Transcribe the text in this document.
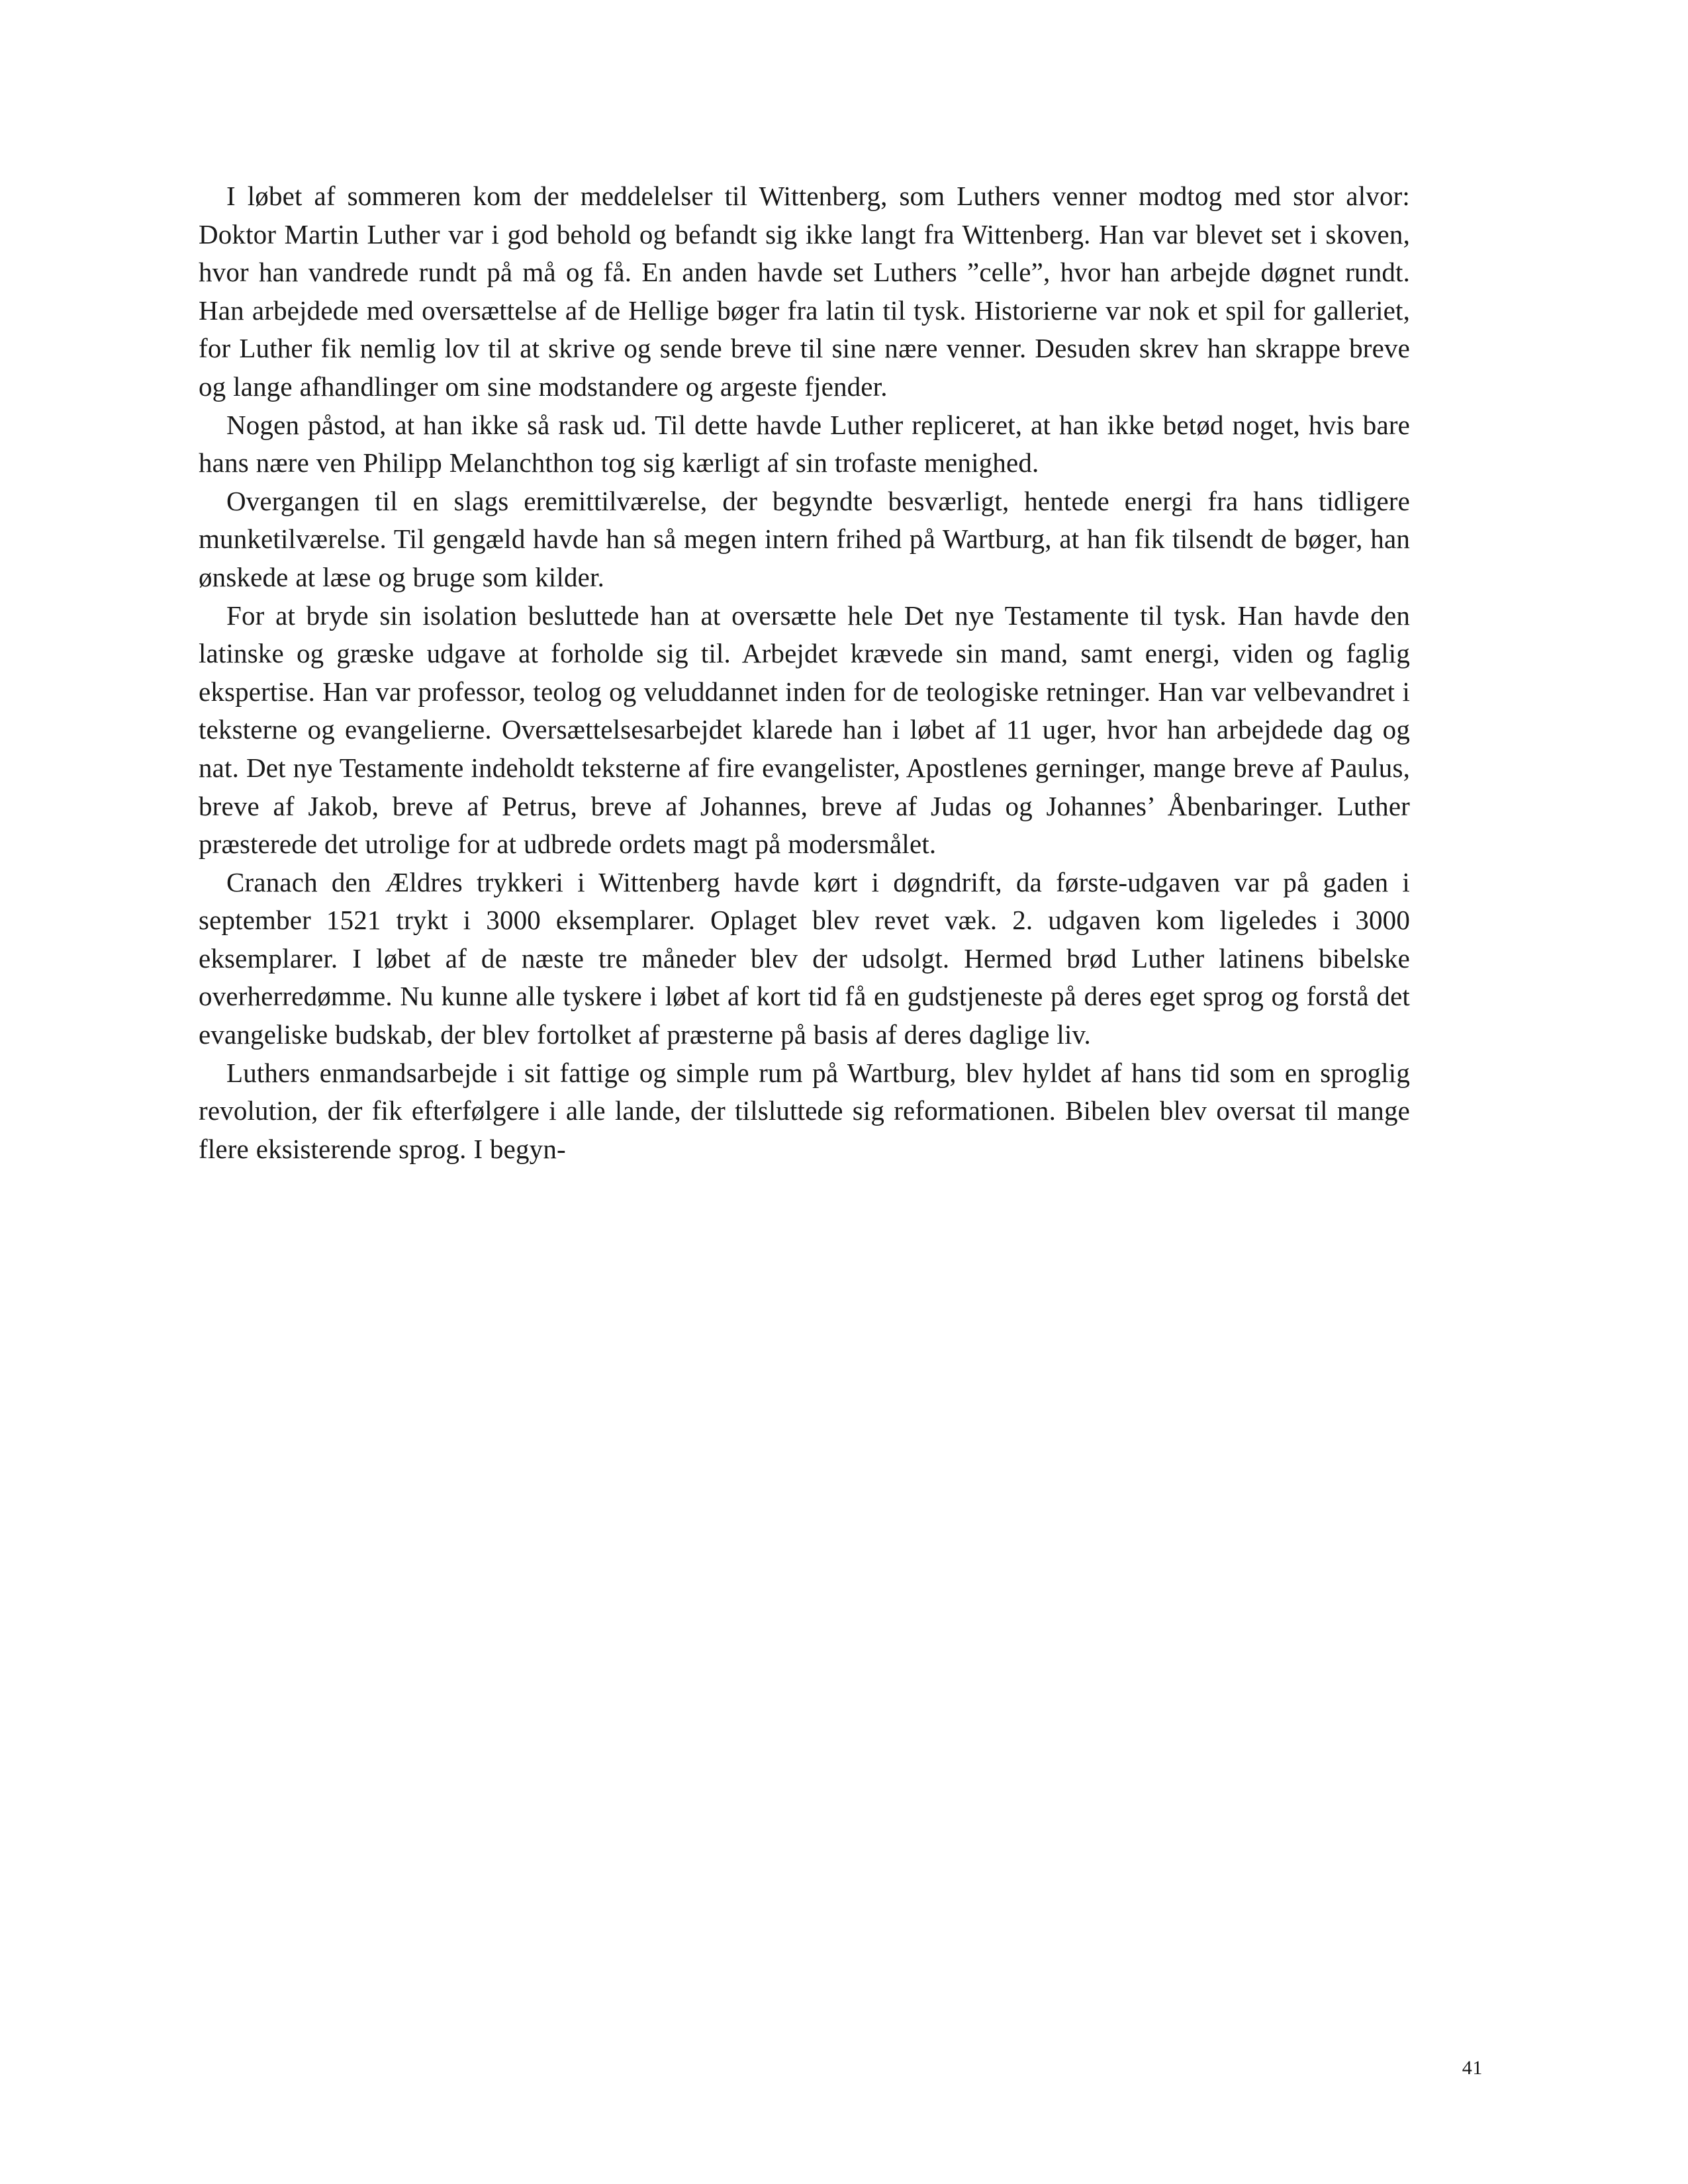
I løbet af sommeren kom der meddelelser til Wittenberg, som Luthers venner modtog med stor alvor: Doktor Martin Luther var i god behold og befandt sig ikke langt fra Wittenberg. Han var blevet set i skoven, hvor han vandrede rundt på må og få. En anden havde set Luthers ”celle”, hvor han arbejde døgnet rundt. Han arbejdede med oversættelse af de Hellige bøger fra latin til tysk. Historierne var nok et spil for galleriet, for Luther fik nemlig lov til at skrive og sende breve til sine nære venner. Desuden skrev han skrappe breve og lange afhandlinger om sine modstandere og argeste fjender.

Nogen påstod, at han ikke så rask ud. Til dette havde Luther repliceret, at han ikke betød noget, hvis bare hans nære ven Philipp Melanchthon tog sig kærligt af sin trofaste menighed.

Overgangen til en slags eremittilværelse, der begyndte besværligt, hentede energi fra hans tidligere munketilværelse. Til gengæld havde han så megen intern frihed på Wartburg, at han fik tilsendt de bøger, han ønskede at læse og bruge som kilder.

For at bryde sin isolation besluttede han at oversætte hele Det nye Testamente til tysk. Han havde den latinske og græske udgave at forholde sig til. Arbejdet krævede sin mand, samt energi, viden og faglig ekspertise. Han var professor, teolog og veluddannet inden for de teologiske retninger. Han var velbevandret i teksterne og evangelierne. Oversættelsesarbejdet klarede han i løbet af 11 uger, hvor han arbejdede dag og nat. Det nye Testamente indeholdt teksterne af fire evangelister, Apostlenes gerninger, mange breve af Paulus, breve af Jakob, breve af Petrus, breve af Johannes, breve af Judas og Johannes’ Åbenbaringer. Luther præsterede det utrolige for at udbrede ordets magt på modersmålet.

Cranach den Ældres trykkeri i Wittenberg havde kørt i døgndrift, da første-udgaven var på gaden i september 1521 trykt i 3000 eksemplarer. Oplaget blev revet væk. 2. udgaven kom ligeledes i 3000 eksemplarer. I løbet af de næste tre måneder blev der udsolgt. Hermed brød Luther latinens bibelske overherredømme. Nu kunne alle tyskere i løbet af kort tid få en gudstjeneste på deres eget sprog og forstå det evangeliske budskab, der blev fortolket af præsterne på basis af deres daglige liv.

Luthers enmandsarbejde i sit fattige og simple rum på Wartburg, blev hyldet af hans tid som en sproglig revolution, der fik efterfølgere i alle lande, der tilsluttede sig reformationen. Bibelen blev oversat til mange flere eksisterende sprog. I begyn-

41
